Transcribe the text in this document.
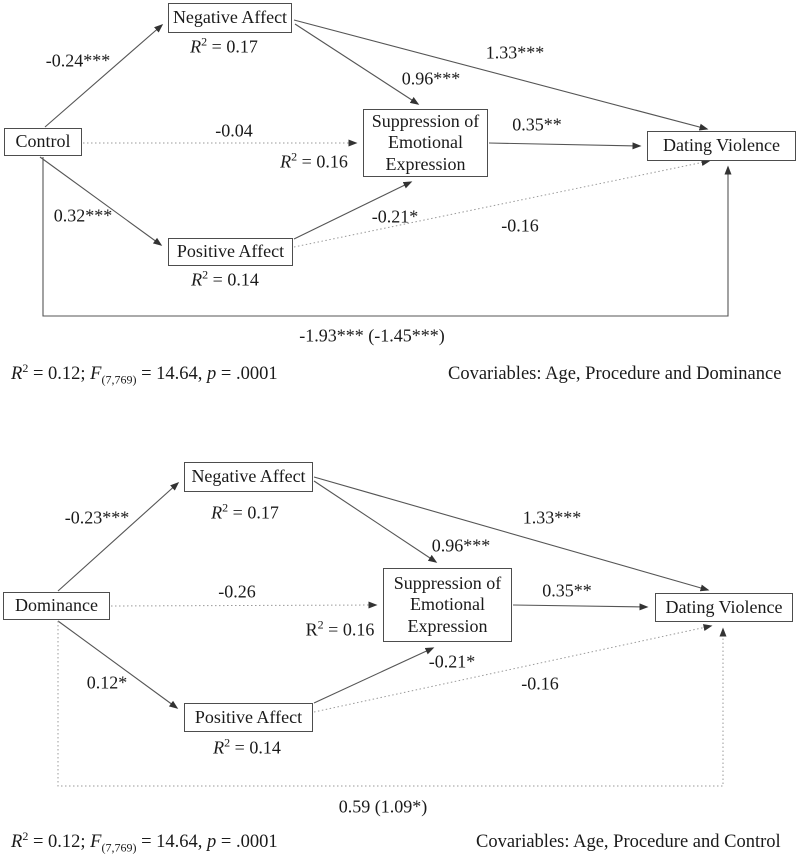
Control
Negative Affect
Suppression of
Emotional
Expression
Dating Violence
Positive Affect
$R^2 = 0.17$
$R^2 = 0.16$
$R^2 = 0.14$
-0.24***
-0.04
0.32***
0.96***
1.33***
0.35**
-0.21*	-0.16
-1.93*** (-1.45***)
$R^2 = 0.12$; $F_{(7,769)} = 14.64$, p = .0001	Covariables: Age, Procedure and Dominance
Dominance
Negative Affect
Suppression of
Emotional
Expression
Dating Violence
Positive Affect
$R^2 = 0.17$
$R^2 = 0.16$
$R^2 = 0.14$
-0.23***
-0.26
0.12*
0.96***
1.33***
0.35**
-0.21*
-0.16
0.59 (1.09*)
$R^2 = 0.12$; $F_{(7,769)} = 14.64$, p = .0001	Covariables: Age, Procedure and Control
